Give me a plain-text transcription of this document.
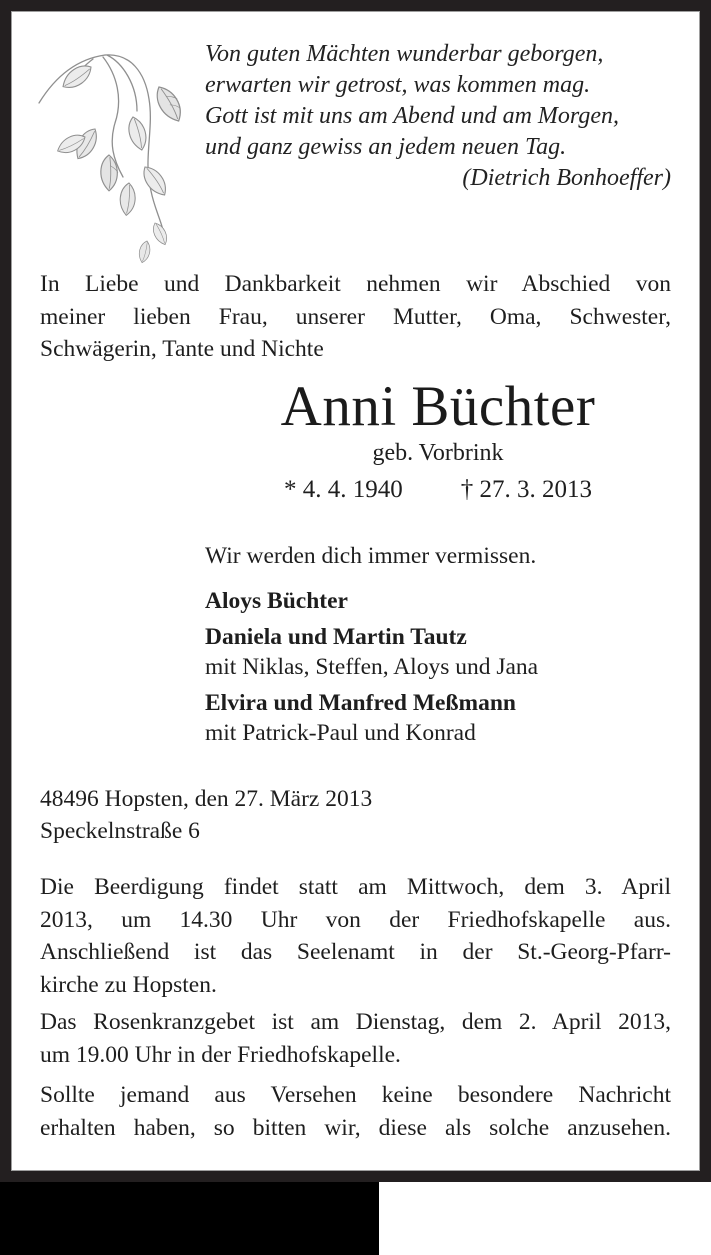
Von guten Mächten wunderbar geborgen,
erwarten wir getrost, was kommen mag.
Gott ist mit uns am Abend und am Morgen,
und ganz gewiss an jedem neuen Tag.
(Dietrich Bonhoeffer)
In Liebe und Dankbarkeit nehmen wir Abschied von
meiner lieben Frau, unserer Mutter, Oma, Schwester,
Schwägerin, Tante und Nichte
Anni Büchter
geb. Vorbrink
* 4. 4. 1940 † 27. 3. 2013
Wir werden dich immer vermissen.
Aloys Büchter
Daniela und Martin Tautz
mit Niklas, Steffen, Aloys und Jana
Elvira und Manfred Meßmann
mit Patrick-Paul und Konrad
48496 Hopsten, den 27. März 2013
Speckelnstraße 6
Die Beerdigung findet statt am Mittwoch, dem 3. April
2013, um 14.30 Uhr von der Friedhofskapelle aus.
Anschließend ist das Seelenamt in der St.-Georg-Pfarr-
kirche zu Hopsten.
Das Rosenkranzgebet ist am Dienstag, dem 2. April 2013,
um 19.00 Uhr in der Friedhofskapelle.
Sollte jemand aus Versehen keine besondere Nachricht
erhalten haben, so bitten wir, diese als solche anzusehen.
